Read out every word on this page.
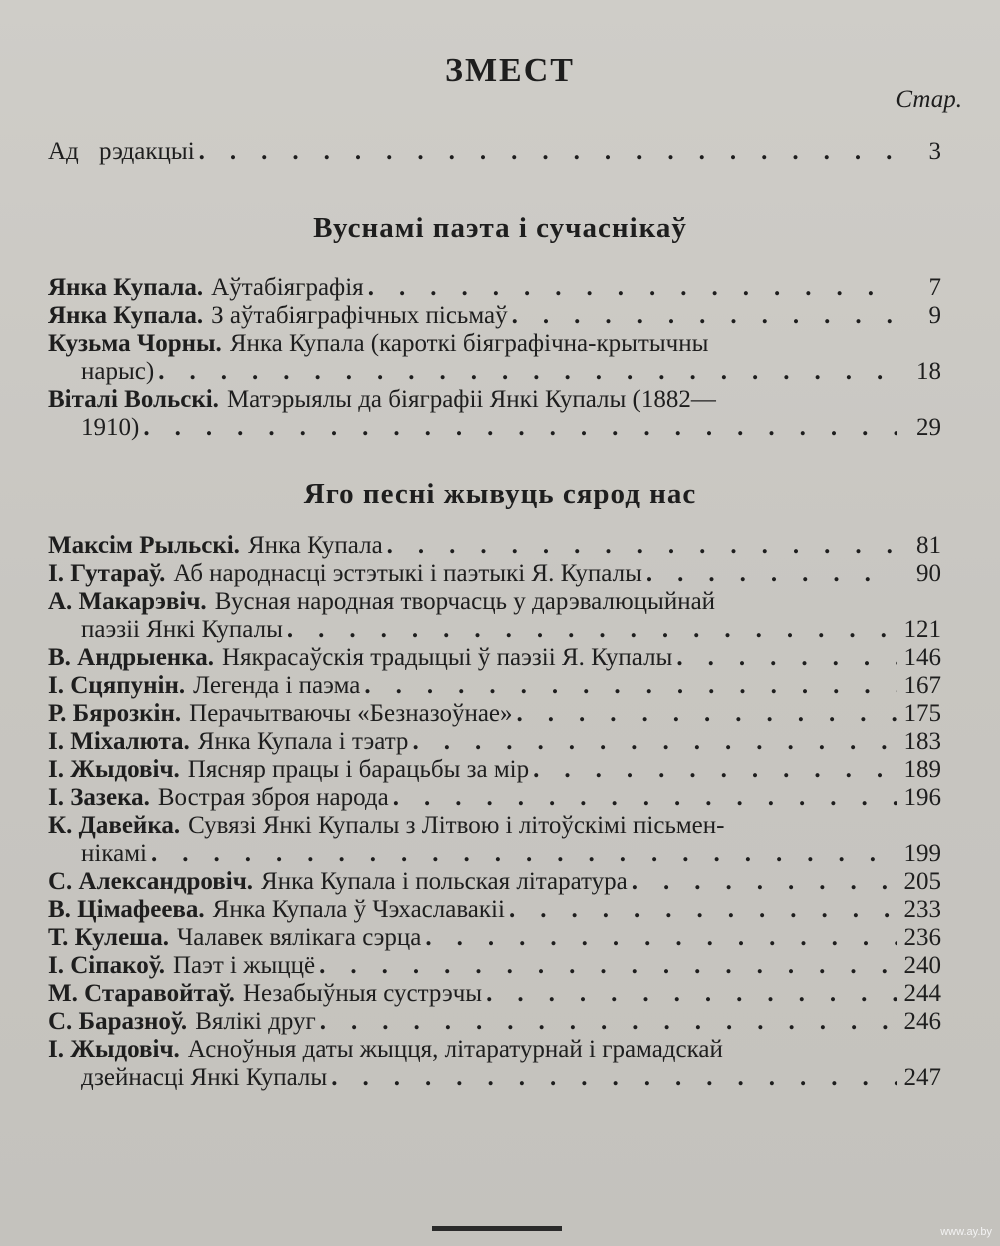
ЗМЕСТ
Стар.
Ад рэдакцыі .	3
Вуснамі паэта і сучаснікаў
Янка Купала. Аўтабіяграфія .	7
Янка Купала. З аўтабіяграфічных пісьмаў .	9
Кузьма Чорны. Янка Купала (кароткі біяграфічна-крытычны
нарыс) .	18
Віталі Вольскі. Матэрыялы да біяграфіі Янкі Купалы (1882—
1910) .	29
Яго песні жывуць сярод нас
Максім Рыльскі. Янка Купала .	81
І. Гутараў. Аб народнасці эстэтыкі і паэтыкі Я. Купалы .	90
А. Макарэвіч. Вусная народная творчасць у дарэвалюцыйнай
паэзіі Янкі Купалы .	121
В. Андрыенка. Някрасаўскія традыцыі ў паэзіі Я. Купалы .	146
І. Сцяпунін. Легенда і паэма .	167
Р. Бярозкін. Перачытваючы «Безназоўнае» .	175
І. Міхалюта. Янка Купала і тэатр .	183
І. Жыдовіч. Пясняр працы і барацьбы за мір .	189
І. Зазека. Вострая зброя народа .	196
К. Давейка. Сувязі Янкі Купалы з Літвою і літоўскімі пісьмен-
нікамі .	199
С. Александровіч. Янка Купала і польская літаратура .	205
В. Цімафеева. Янка Купала ў Чэхаславакіі .	233
Т. Кулеша. Чалавек вялікага сэрца .	236
І. Сіпакоў. Паэт і жыццё .	240
М. Старавойтаў. Незабыўныя сустрэчы .	244
С. Баразноў. Вялікі друг .	246
І. Жыдовіч. Асноўныя даты жыцця, літаратурнай і грамадскай
дзейнасці Янкі Купалы .	247
www.ay.by
